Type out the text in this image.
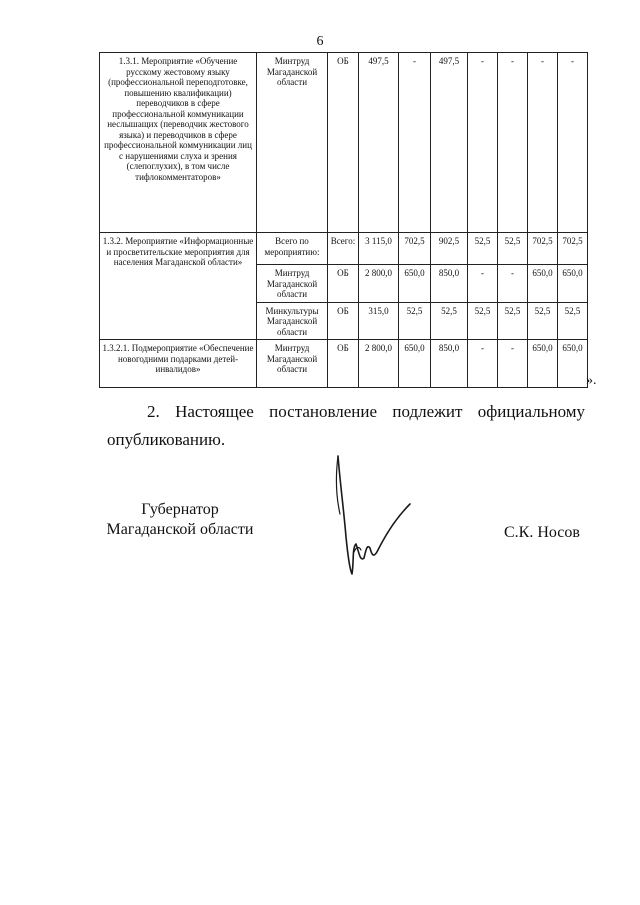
6
1.3.1. Мероприятие «Обучение русскому жестовому языку (профессиональной переподготовке, повышению квалификации) переводчиков в сфере профессиональной коммуникации неслышащих (переводчик жестового языка) и переводчиков в сфере профессиональной коммуникации лиц с нарушениями слуха и зрения (слепоглухих), в том числе тифлокомментаторов»	Минтруд Магаданской области	ОБ	497,5	-	497,5	-	-	-	-
1.3.2. Мероприятие «Информационные и просветительские мероприятия для населения Магаданской области»	Всего по мероприятию:	Всего:	3 115,0	702,5	902,5	52,5	52,5	702,5	702,5
	Минтруд Магаданской области	ОБ	2 800,0	650,0	850,0	-	-	650,0	650,0
	Минкультуры Магаданской области	ОБ	315,0	52,5	52,5	52,5	52,5	52,5	52,5
1.3.2.1. Подмероприятие «Обеспечение новогодними подарками детей-инвалидов»	Минтруд Магаданской области	ОБ	2 800,0	650,0	850,0	-	-	650,0	650,0
».
2. Настоящее постановление подлежит официальному
опубликованию.
Губернатор
Магаданской области	С.К. Носов
